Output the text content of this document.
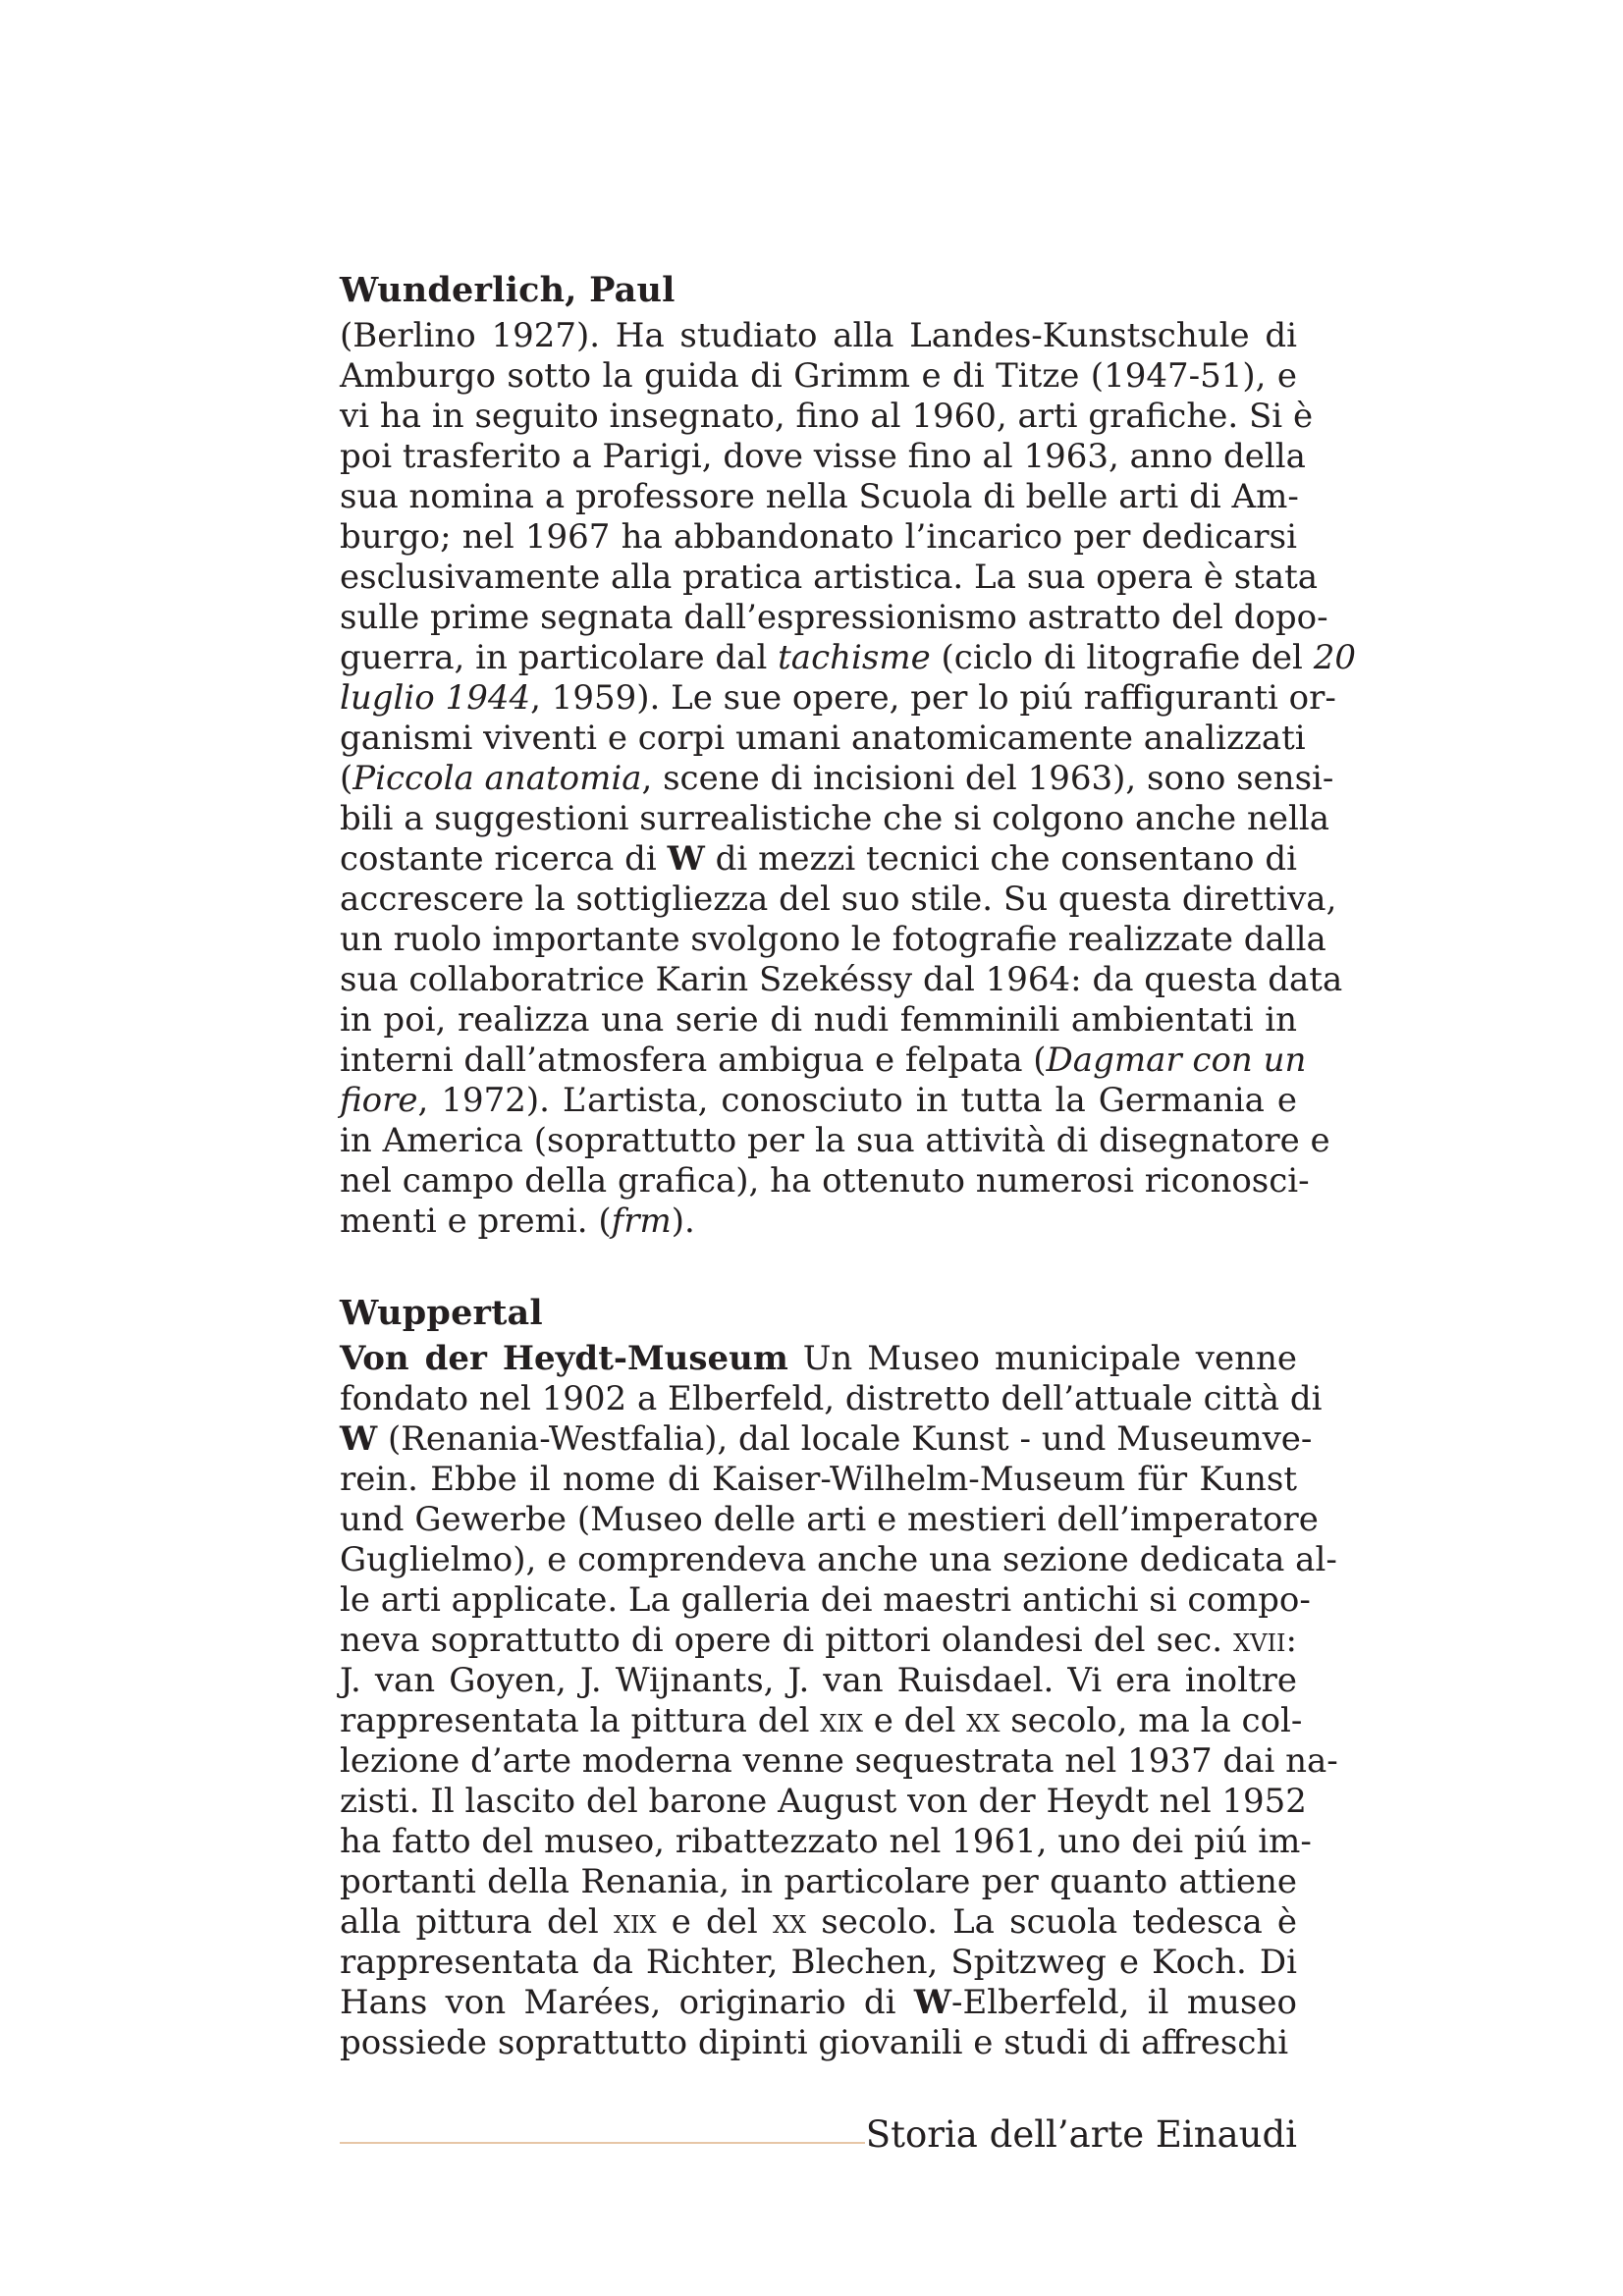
Wunderlich, Paul
(Berlino 1927). Ha studiato alla Landes-Kunstschule di
Amburgo sotto la guida di Grimm e di Titze (1947-51), e
vi ha in seguito insegnato, fino al 1960, arti grafiche. Si è
poi trasferito a Parigi, dove visse fino al 1963, anno della
sua nomina a professore nella Scuola di belle arti di Am-
burgo; nel 1967 ha abbandonato l’incarico per dedicarsi
esclusivamente alla pratica artistica. La sua opera è stata
sulle prime segnata dall’espressionismo astratto del dopo-
guerra, in particolare dal tachisme (ciclo di litografie del 20
luglio 1944, 1959). Le sue opere, per lo piú raffiguranti or-
ganismi viventi e corpi umani anatomicamente analizzati
(Piccola anatomia, scene di incisioni del 1963), sono sensi-
bili a suggestioni surrealistiche che si colgono anche nella
costante ricerca di W di mezzi tecnici che consentano di
accrescere la sottigliezza del suo stile. Su questa direttiva,
un ruolo importante svolgono le fotografie realizzate dalla
sua collaboratrice Karin Szekéssy dal 1964: da questa data
in poi, realizza una serie di nudi femminili ambientati in
interni dall’atmosfera ambigua e felpata (Dagmar con un
fiore, 1972). L’artista, conosciuto in tutta la Germania e
in America (soprattutto per la sua attività di disegnatore e
nel campo della grafica), ha ottenuto numerosi riconosci-
menti e premi. (frm).
Wuppertal
Von der Heydt-Museum Un Museo municipale venne
fondato nel 1902 a Elberfeld, distretto dell’attuale città di
W (Renania-Westfalia), dal locale Kunst - und Museumve-
rein. Ebbe il nome di Kaiser-Wilhelm-Museum für Kunst
und Gewerbe (Museo delle arti e mestieri dell’imperatore
Guglielmo), e comprendeva anche una sezione dedicata al-
le arti applicate. La galleria dei maestri antichi si compo-
neva soprattutto di opere di pittori olandesi del sec. xvii:
J. van Goyen, J. Wijnants, J. van Ruisdael. Vi era inoltre
rappresentata la pittura del xix e del xx secolo, ma la col-
lezione d’arte moderna venne sequestrata nel 1937 dai na-
zisti. Il lascito del barone August von der Heydt nel 1952
ha fatto del museo, ribattezzato nel 1961, uno dei piú im-
portanti della Renania, in particolare per quanto attiene
alla pittura del xix e del xx secolo. La scuola tedesca è
rappresentata da Richter, Blechen, Spitzweg e Koch. Di
Hans von Marées, originario di W-Elberfeld, il museo
possiede soprattutto dipinti giovanili e studi di affreschi
Storia dell’arte Einaudi
